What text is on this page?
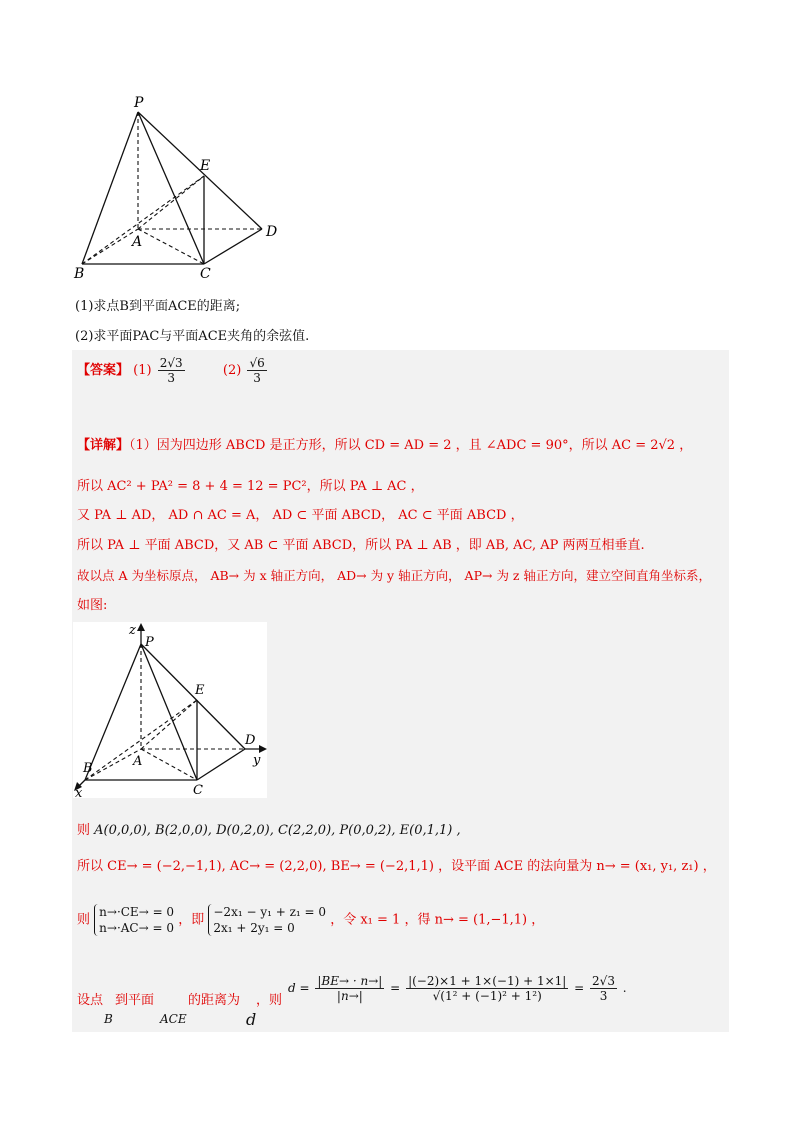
P
E
A
B	C
D
(1)求点B到平面ACE的距离;
(2)求平面PAC与平面ACE夹角的余弦值.
【答案】 $(1) \frac{2√3}{3}$	$(2) \frac{√6}{3}$
【详解】（1）因为四边形 ABCD 是正方形，所以 CD = AD = 2 ，且 ∠ADC = 90°，所以 AC = 2√2 ，
所以 AC² + PA² = 8 + 4 = 12 = PC²，所以 PA ⊥ AC ，
又 PA ⊥ AD， AD ∩ AC = A， AD ⊂ 平面 ABCD， AC ⊂ 平面 ABCD ，
所以 PA ⊥ 平面 ABCD，又 AB ⊂ 平面 ABCD，所以 PA ⊥ AB ，即 AB, AC, AP 两两互相垂直.
故以点 A 为坐标原点， AB→ 为 x 轴正方向， AD→ 为 y 轴正方向， AP→ 为 z 轴正方向，建立空间直角坐标系，
如图:
z
P
E
D
y
A
B
C
x
则 A(0,0,0), B(2,0,0), D(0,2,0), C(2,2,0), P(0,0,2), E(0,1,1) ,
所以 CE→ = (−2,−1,1), AC→ = (2,2,0), BE→ = (−2,1,1) ，设平面 ACE 的法向量为 n→ = (x₁, y₁, z₁) ，
则
n→·CE→ = 0
n→·AC→ = 0
，即
−2x₁ − y₁ + z₁ = 0
2x₁ + 2y₁ = 0
，令 x₁ = 1 ，得 n→ = (1,−1,1) ，
设点
B
到平面
ACE
的距离为
d
，则
$d = \frac{|BE\to \cdot n\to|}{|n\to|} = \frac{|(-2)\times 1 + 1\times(-1) + 1\times 1|}{\text{√(1² + (−1)² + 1²)}} = \frac{2√3}{3}$ .
